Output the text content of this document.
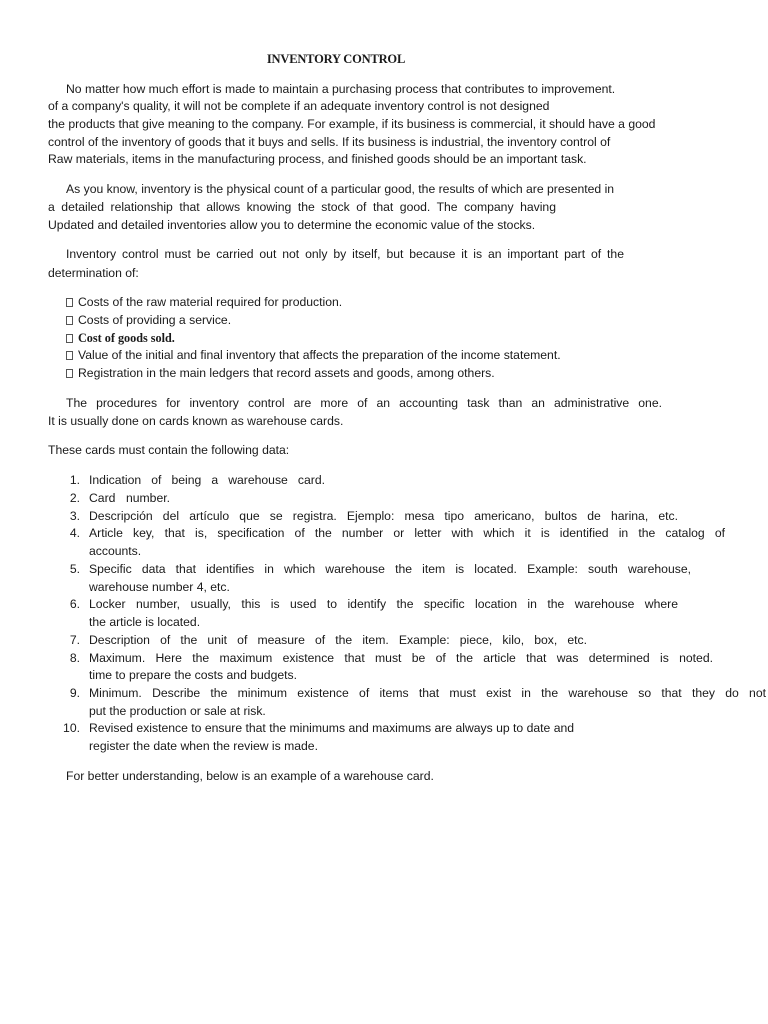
INVENTORY CONTROL
No matter how much effort is made to maintain a purchasing process that contributes to improvement.
of a company's quality, it will not be complete if an adequate inventory control is not designed
the products that give meaning to the company. For example, if its business is commercial, it should have a good
control of the inventory of goods that it buys and sells. If its business is industrial, the inventory control of
Raw materials, items in the manufacturing process, and finished goods should be an important task.
As you know, inventory is the physical count of a particular good, the results of which are presented in
a detailed relationship that allows knowing the stock of that good. The company having
Updated and detailed inventories allow you to determine the economic value of the stocks.
Inventory control must be carried out not only by itself, but because it is an important part of the
determination of:
Costs of the raw material required for production.
Costs of providing a service.
Cost of goods sold.
Value of the initial and final inventory that affects the preparation of the income statement.
Registration in the main ledgers that record assets and goods, among others.
The procedures for inventory control are more of an accounting task than an administrative one.
It is usually done on cards known as warehouse cards.
These cards must contain the following data:
1. Indication of being a warehouse card.
2. Card number.
3. Descripción del artículo que se registra. Ejemplo: mesa tipo americano, bultos de harina, etc.
4. Article key, that is, specification of the number or letter with which it is identified in the catalog of
accounts.
5. Specific data that identifies in which warehouse the item is located. Example: south warehouse,
warehouse number 4, etc.
6. Locker number, usually, this is used to identify the specific location in the warehouse where
the article is located.
7. Description of the unit of measure of the item. Example: piece, kilo, box, etc.
8. Maximum. Here the maximum existence that must be of the article that was determined is noted.
time to prepare the costs and budgets.
9. Minimum. Describe the minimum existence of items that must exist in the warehouse so that they do not
put the production or sale at risk.
10. Revised existence to ensure that the minimums and maximums are always up to date and
register the date when the review is made.
For better understanding, below is an example of a warehouse card.
